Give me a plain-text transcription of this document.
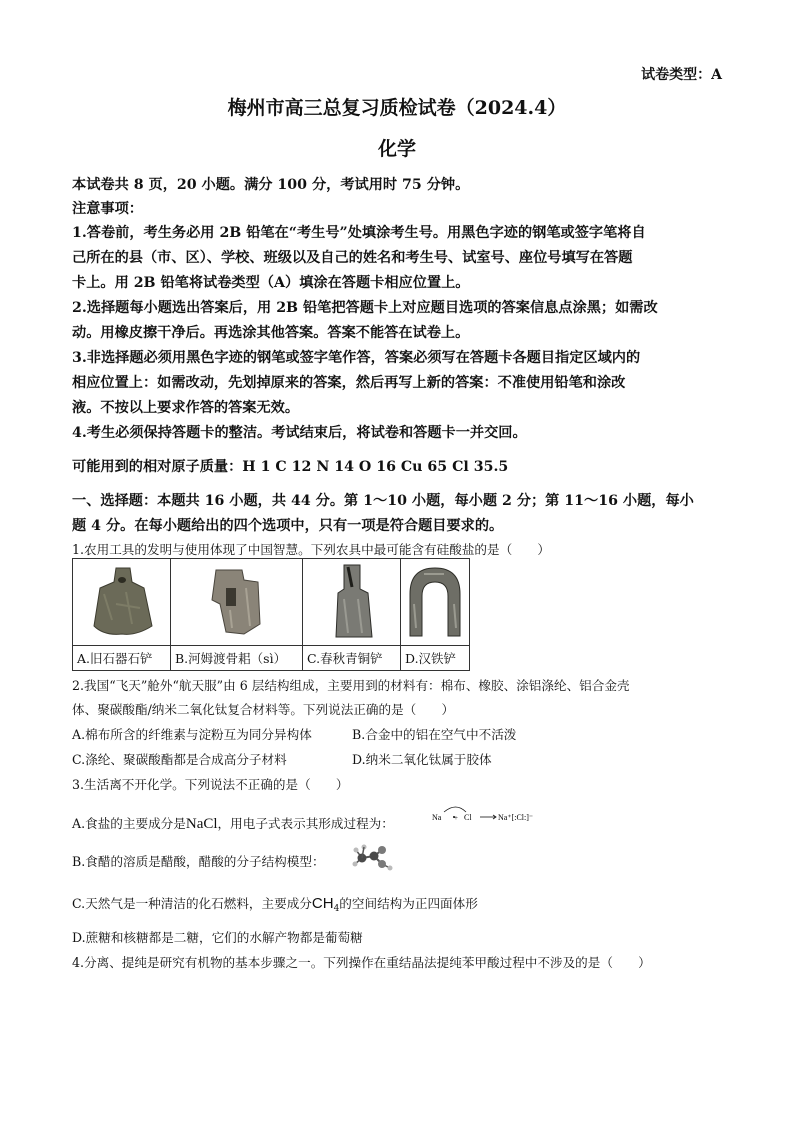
试卷类型：A
梅州市高三总复习质检试卷（2024.4）
化学
本试卷共 8 页，20 小题。满分 100 分，考试用时 75 分钟。
注意事项：
1.答卷前，考生务必用 2B 铅笔在“考生号”处填涂考生号。用黑色字迹的钢笔或签字笔将自
己所在的县（市、区）、学校、班级以及自己的姓名和考生号、试室号、座位号填写在答题
卡上。用 2B 铅笔将试卷类型（A）填涂在答题卡相应位置上。
2.选择题每小题选出答案后，用 2B 铅笔把答题卡上对应题目选项的答案信息点涂黑；如需改
动。用橡皮擦干净后。再选涂其他答案。答案不能答在试卷上。
3.非选择题必须用黑色字迹的钢笔或签字笔作答，答案必须写在答题卡各题目指定区域内的
相应位置上：如需改动，先划掉原来的答案，然后再写上新的答案：不准使用铅笔和涂改
液。不按以上要求作答的答案无效。
4.考生必须保持答题卡的整洁。考试结束后，将试卷和答题卡一并交回。
可能用到的相对原子质量：H 1 C 12 N 14 O 16 Cu 65 Cl 35.5
一、选择题：本题共 16 小题，共 44 分。第 1～10 小题，每小题 2 分；第 11～16 小题，每小
题 4 分。在每小题给出的四个选项中，只有一项是符合题目要求的。
1.农用工具的发明与使用体现了中国智慧。下列农具中最可能含有硅酸盐的是（　　）

A.旧石器石铲	B.河姆渡骨耜（sì）	C.春秋青铜铲	D.汉铁铲
2.我国“飞天”舱外“航天服”由 6 层结构组成，主要用到的材料有：棉布、橡胶、涂铝涤纶、铝合金壳
体、聚碳酸酯/纳米二氧化钛复合材料等。下列说法正确的是（　　）
A.棉布所含的纤维素与淀粉互为同分异构体	B.合金中的铝在空气中不活泼
C.涤纶、聚碳酸酯都是合成高分子材料	D.纳米二氧化钛属于胶体
3.生活离不开化学。下列说法不正确的是（　　）
A.食盐的主要成分是NaCl，用电子式表示其形成过程为：	Na + Cl	Na⁺[:Cl:]⁻
B.食醋的溶质是醋酸，醋酸的分子结构模型：
C.天然气是一种清洁的化石燃料，主要成分$CH_4$的空间结构为正四面体形
D.蔗糖和核糖都是二糖，它们的水解产物都是葡萄糖
4.分离、提纯是研究有机物的基本步骤之一。下列操作在重结晶法提纯苯甲酸过程中不涉及的是（　　）
